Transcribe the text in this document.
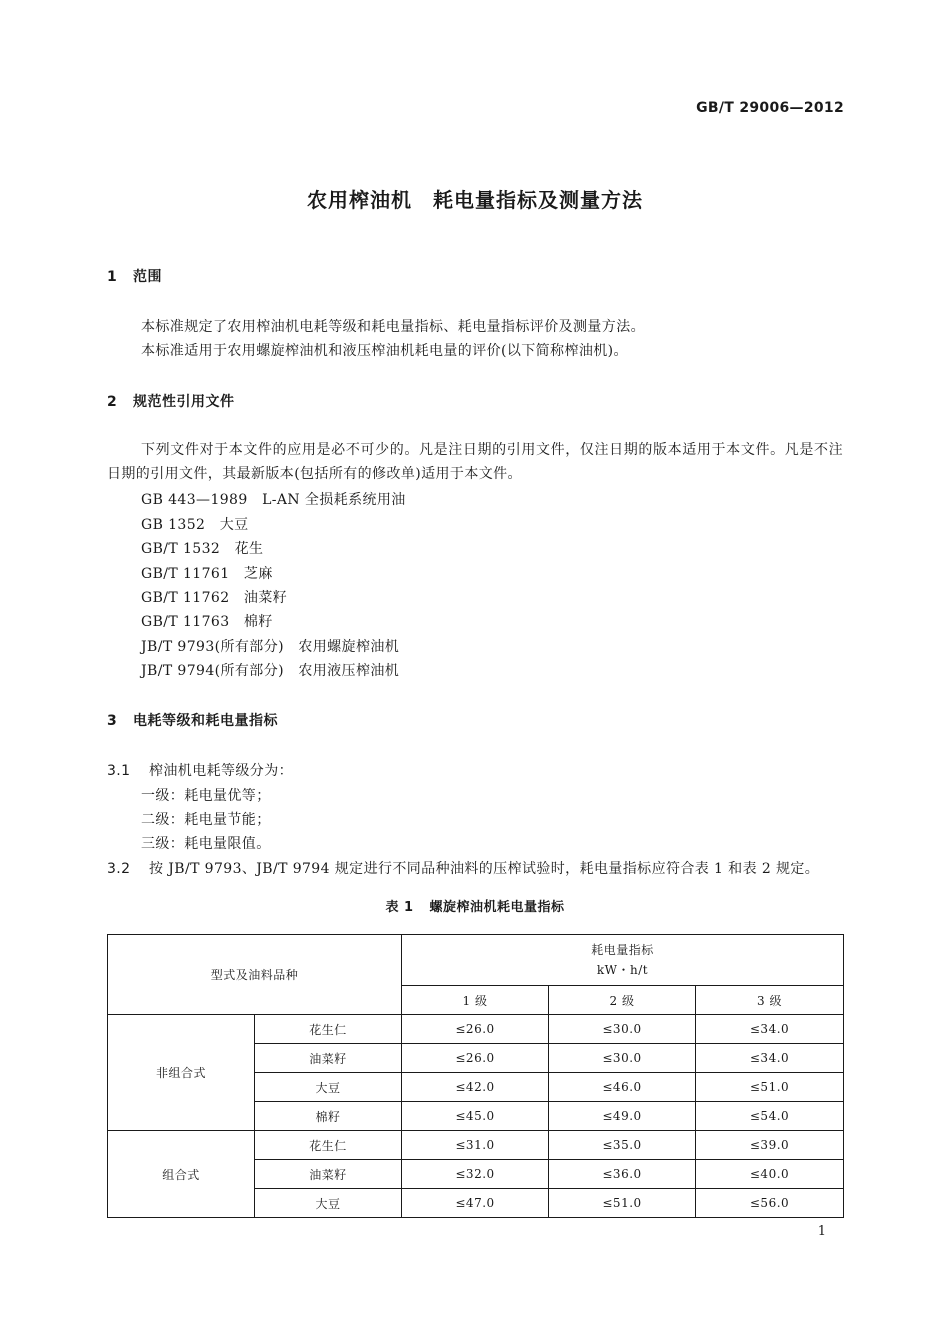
GB/T 29006—2012
农用榨油机　耗电量指标及测量方法
1 范围
本标准规定了农用榨油机电耗等级和耗电量指标、耗电量指标评价及测量方法。
本标准适用于农用螺旋榨油机和液压榨油机耗电量的评价(以下简称榨油机)。
2 规范性引用文件
下列文件对于本文件的应用是必不可少的。凡是注日期的引用文件，仅注日期的版本适用于本文件。凡是不注日期的引用文件，其最新版本(包括所有的修改单)适用于本文件。
GB 443—1989　L-AN 全损耗系统用油
GB 1352　大豆
GB/T 1532　花生
GB/T 11761　芝麻
GB/T 11762　油菜籽
GB/T 11763　棉籽
JB/T 9793(所有部分)　农用螺旋榨油机
JB/T 9794(所有部分)　农用液压榨油机
3 电耗等级和耗电量指标
3.1 榨油机电耗等级分为：
一级：耗电量优等；
二级：耗电量节能；
三级：耗电量限值。
3.2 按 JB/T 9793、JB/T 9794 规定进行不同品种油料的压榨试验时，耗电量指标应符合表 1 和表 2 规定。
表 1 螺旋榨油机耗电量指标
型式及油料品种		耗电量指标
kW・h/t		

		1 级	2 级	3 级
非组合式	花生仁	≤26.0	≤30.0	≤34.0
	油菜籽	≤26.0	≤30.0	≤34.0
	大豆	≤42.0	≤46.0	≤51.0
	棉籽	≤45.0	≤49.0	≤54.0
组合式	花生仁	≤31.0	≤35.0	≤39.0
	油菜籽	≤32.0	≤36.0	≤40.0
	大豆	≤47.0	≤51.0	≤56.0
1
